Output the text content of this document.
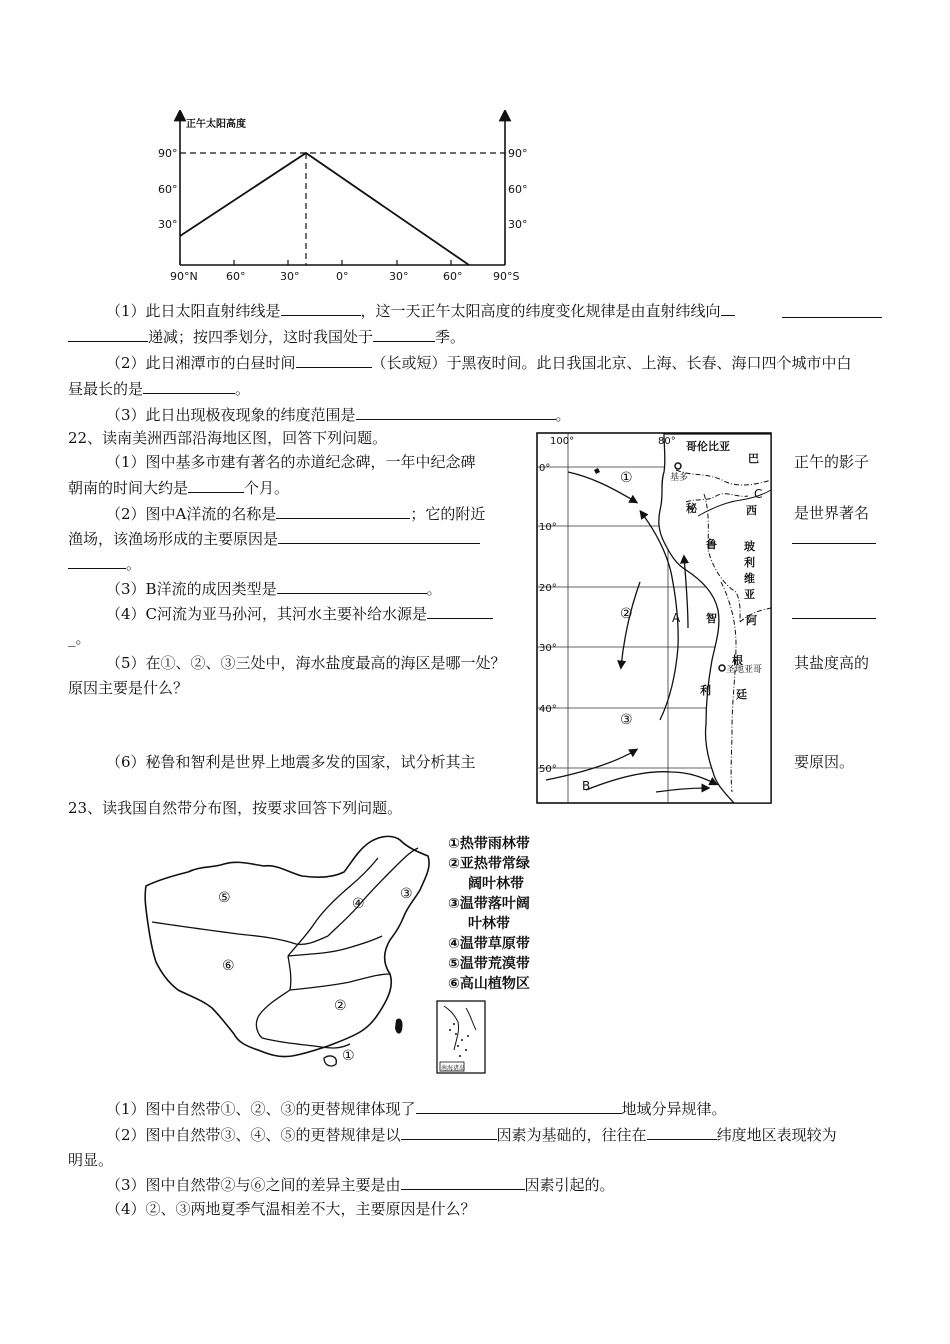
正午太阳高度
90°
60°
30°
90°
60°
30°
90°N	60°	30°	0°	30°	60°	90°S
（1）此日太阳直射纬线是	，这一天正午太阳高度的纬度变化规律是由直射纬线向
递减；按四季划分，这时我国处于	季。
（2）此日湘潭市的白昼时间	（长或短）于黑夜时间。此日我国北京、上海、长春、海口四个城市中白
昼最长的是	。
（3）此日出现极夜现象的纬度范围是	。
22、读南美洲西部沿海地区图，回答下列问题。
（1）图中基多市建有著名的赤道纪念碑，一年中纪念碑	正午的影子
朝南的时间大约是	个月。
（2）图中A洋流的名称是	；它的附近	是世界著名
渔场，该渔场形成的主要原因是
。
（3）B洋流的成因类型是	。
（4）C河流为亚马孙河，其河水主要补给水源是
_。
（5）在①、②、③三处中，海水盐度最高的海区是哪一处？	其盐度高的
原因主要是什么？
（6）秘鲁和智利是世界上地震多发的国家，试分析其主	要原因。
100°	80°
0°
10°
20°
30°
40°
50°
哥伦比亚
巴
西
秘
鲁 玻
利
维
亚
智
利
阿
根
廷
基多
圣地亚哥
①
②
③
A
B
C
23、读我国自然带分布图，按要求回答下列问题。
⑤	④
③
⑥
②
①
南海诸岛
①热带雨林带
②亚热带常绿
阔叶林带
③温带落叶阔
叶林带
④温带草原带
⑤温带荒漠带
⑥高山植物区
（1）图中自然带①、②、③的更替规律体现了	地域分异规律。
（2）图中自然带③、④、⑤的更替规律是以	因素为基础的，往往在	纬度地区表现较为
明显。
（3）图中自然带②与⑥之间的差异主要是由	因素引起的。
（4）②、③两地夏季气温相差不大，主要原因是什么？
